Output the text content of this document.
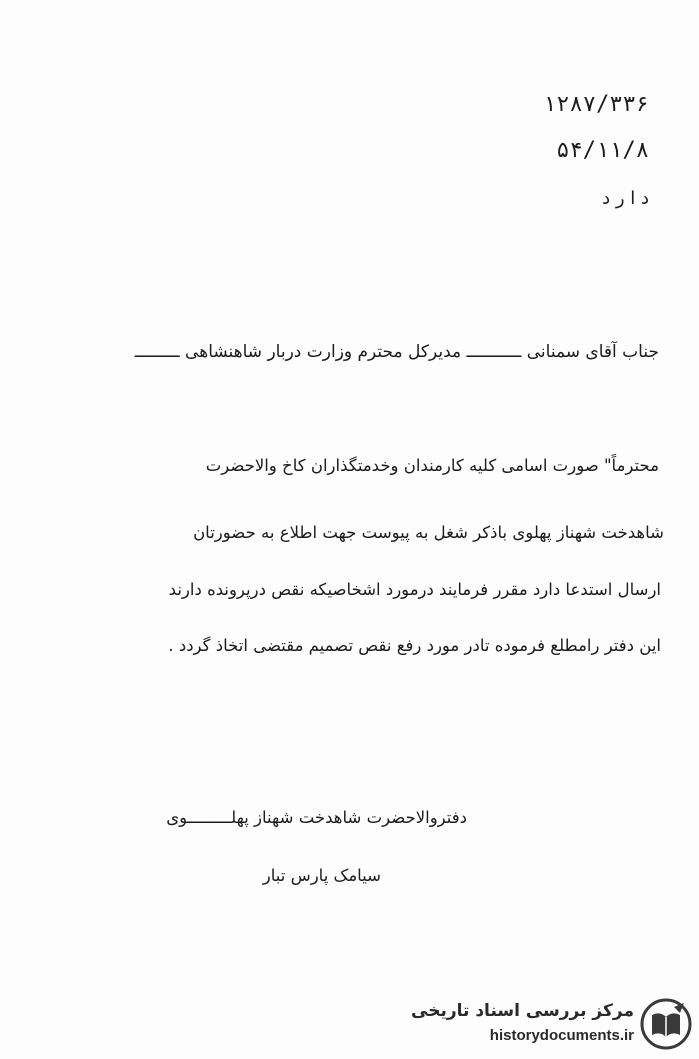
۱۲۸۷/۳۳۶
۵۴/۱۱/۸
د ا ر د
جناب آقای سمنانی ـــــــــــ مدیرکل محترم وزارت دربار شاهنشاهی ـــــــــ
محترماً" صورت اسامی کلیه کارمندان وخدمتگذاران کاخ والاحضرت
شاهدخت شهناز پهلوی باذکر شغل به پیوست جهت اطلاع به حضورتان
ارسال استدعا دارد مقرر فرمایند درمورد اشخاصیکه نقص درپرونده دارند
این دفتر رامطلع فرموده تادر مورد رفع نقص تصمیم مقتضی اتخاذ گردد .
دفتروالاحضرت شاهدخت شهناز پهلـــــــــوی
سیامک پارس تبار
مرکز بررسی اسناد تاریخی
historydocuments.ir
